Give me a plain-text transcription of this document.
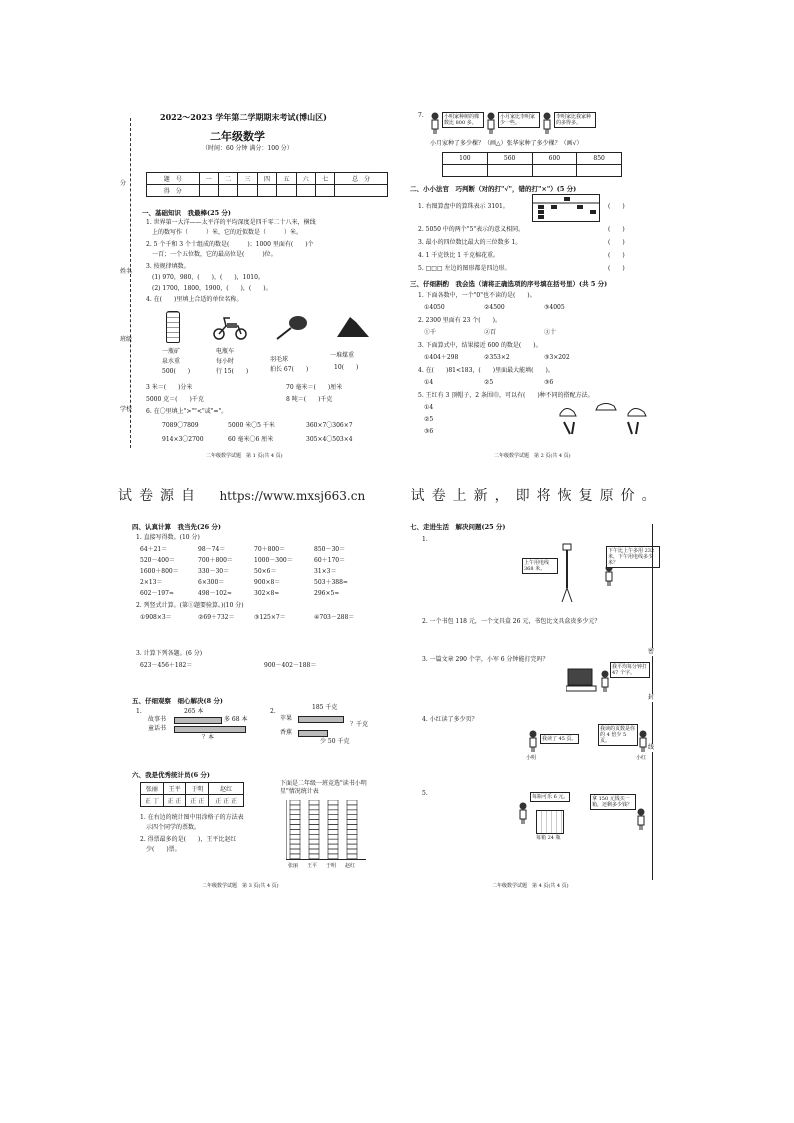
分
姓名
班级
学校
2022～2023 学年第二学期期末考试(博山区)
二年级数学
（时间：60 分钟 满分：100 分）
题　号	一	二	三	四	五	六	七	总　分
得　分								
一、基础知识　我最棒(25 分)
1. 世界第一大洋——太平洋的平均深度是四千零二十八米，横线
上的数写作（　　　）米，它的近似数是（　　　）米。
2. 5 个千和 3 个十组成的数是(　　　)；1000 里面有(　　)个
一百；一个五位数，它的最高位是(　　　)位。
3. 按规律填数。
(1) 970，980，(　　)，(　　)，1010。
(2) 1700，1800，1900，(　　)，(　　)。
4. 在(　　)里填上合适的单位名称。
一瓶矿
泉水重
500(　　)
电瓶车
每小时
行 15(　　)
羽毛球
拍长 67(　　)
一堆煤重
10(　　)
3 米＝(　　)分米	70 毫米＝(　　)厘米
5000 克＝(　　)千克	8 吨＝(　　)千克
6. 在〇里填上">""<"或"="。
7089〇7809	5000 米〇5 千米	360×7〇306×7
914×3〇2700	60 毫米〇6 厘米	305×4〇503×4
二年级数学试题　第 1 页(共 4 页)
7.	小明家种树的棵数比 800 多。
小月家比李明家少一些。
李明家比我家种的多得多。
小月家种了多少棵？（画△）张华家种了多少棵？（画√）
100	560	600	850

二、小小法官　巧判断（对的打"√"，错的打"×"）(5 分)
1. 右图算盘中的算珠表示 3101。
2. 5050 中的两个"5"表示的意义相同。
3. 最小的四位数比最大的三位数多 1。
4. 1 千克铁比 1 千克棉花重。
5. □□□ 左边的图形都是四边形。
(　　)
(　　)
(　　)
(　　)
(　　)
三、仔细斟酌　我会选（请将正确选项的序号填在括号里）(共 5 分)
1. 下面各数中，一个"0"也不读的是(　　)。
①4050	②4500	③4005
2. 2300 里面有 23 个(　　)。
①千	②百	③十
3. 下面算式中，结果接近 600 的数是(　　)。
①404＋298	②353×2	③3×202
4. 在(　　)81<183，(　　)里面最大能填(　　)。
①4	②5	③6
5. 王红有 3 顶帽子，2 条围巾，可以有(　　)种不同的搭配方法。
①4
②5
③6
二年级数学试题　第 2 页(共 4 页)
试卷源自 https://www.mxsj663.cn	试卷上新，即将恢复原价。
四、认真计算　我当先(26 分)
1. 直接写得数。(10 分)
2. 列竖式计算。(第①题要验算。)(10 分)
①908×3＝	②69＋732＝	③125×7＝	④703－288＝
3. 计算下列各题。(6 分)
623－456＋182＝	900－402－188＝
五、仔细观察　细心解决(8 分)
1.	265 本
故事书	多 68 本
童话书
？本
2.
185 千克
苹果
？千克
香蕉
少 50 千克
六、我是优秀统计员(6 分)
张丽	王平	于明	赵红
正 丁	正 正	正 正	正 正 正
1. 在右边的统计图中用涂格子的方法表
示四个同学的票数。
2. 得票最多的是(　　)，王平比赵红
少(　　)票。
下面是二年级一班竞选"读书小明星"情况统计表
张丽 王平 于明 赵红
二年级数学试题　第 3 页(共 4 页)
64＋21＝	98－74＝	70＋800＝	850－30＝
520－400＝	700＋800＝	1000－300＝	60＋170＝
1600＋800＝	330－30＝	50×6＝	31×3＝
2×13＝	6×300＝	900×8＝	503＋388≈
602－197≈	498－102≈	302×8≈	296×5≈
七、走进生活　解决问题(25 分)
1.
上午用电线 368 米。
下午比上午多用 232 米，下午用电线多少米？
2. 一个书包 118 元，一个文具盒 26 元，书包比文具盒贵多少元？
3. 一篇文章 290 个字，小军 6 分钟能打完吗？
我平均每分钟打 47 个字。
4. 小红读了多少页？
我读了 45 页。
小明
我读的页数是你的 4 倍少 5 页。
小红
5.	每瓶可乐 6 元。
每箱 24 瓶
拿 150 元钱买一箱，还剩多少钱？
密
封
线
二年级数学试题　第 4 页(共 4 页)
